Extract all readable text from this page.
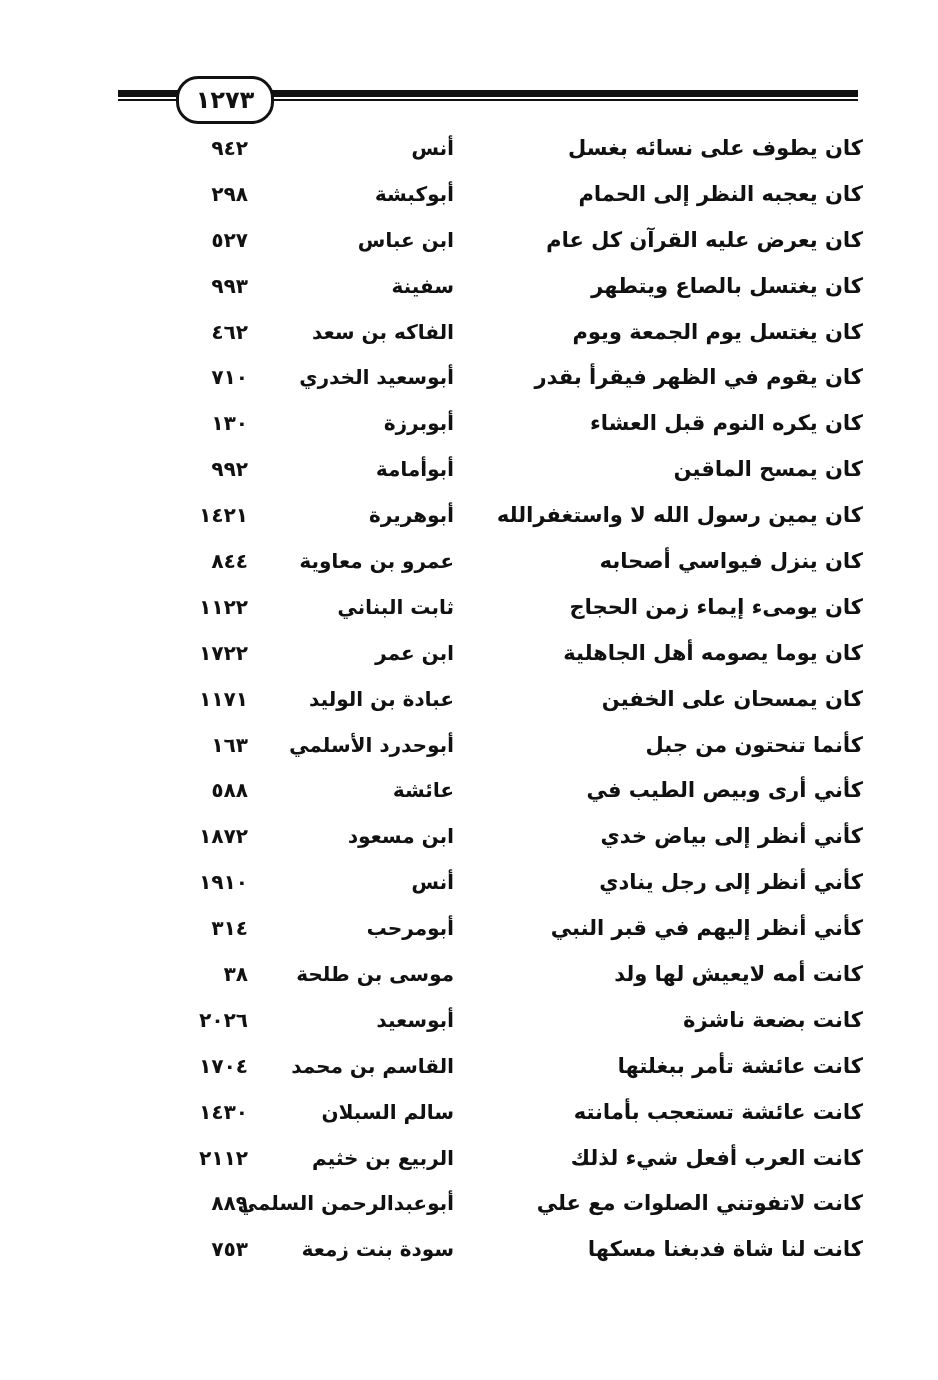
١٢٧٣
كان يطوف على نسائه بغسل
أنس
٩٤٢
كان يعجبه النظر إلى الحمام
أبوكبشة
٢٩٨
كان يعرض عليه القرآن كل عام
ابن عباس
٥٢٧
كان يغتسل بالصاع ويتطهر
سفينة
٩٩٣
كان يغتسل يوم الجمعة ويوم
الفاكه بن سعد
٤٦٢
كان يقوم في الظهر فيقرأ بقدر
أبوسعيد الخدري
٧١٠
كان يكره النوم قبل العشاء
أبوبرزة
١٣٠
كان يمسح الماقين
أبوأمامة
٩٩٢
كان يمين رسول الله لا واستغفرالله
أبوهريرة
١٤٢١
كان ينزل فيواسي أصحابه
عمرو بن معاوية
٨٤٤
كان يومىء إيماء زمن الحجاج
ثابت البناني
١١٢٢
كان يوما يصومه أهل الجاهلية
ابن عمر
١٧٢٢
كان يمسحان على الخفين
عبادة بن الوليد
١١٧١
كأنما تنحتون من جبل
أبوحدرد الأسلمي
١٦٣
كأني أرى وبيص الطيب في
عائشة
٥٨٨
كأني أنظر إلى بياض خدي
ابن مسعود
١٨٧٢
كأني أنظر إلى رجل ينادي
أنس
١٩١٠
كأني أنظر إليهم في قبر النبي
أبومرحب
٣١٤
كانت أمه لايعيش لها ولد
موسى بن طلحة
٣٨
كانت بضعة ناشزة
أبوسعيد
٢٠٢٦
كانت عائشة تأمر ببغلتها
القاسم بن محمد
١٧٠٤
كانت عائشة تستعجب بأمانته
سالم السبلان
١٤٣٠
كانت العرب أفعل شيء لذلك
الربيع بن خثيم
٢١١٢
كانت لاتفوتني الصلوات مع علي
أبوعبدالرحمن السلمي
٨٨٩
كانت لنا شاة فدبغنا مسكها
سودة بنت زمعة
٧٥٣
